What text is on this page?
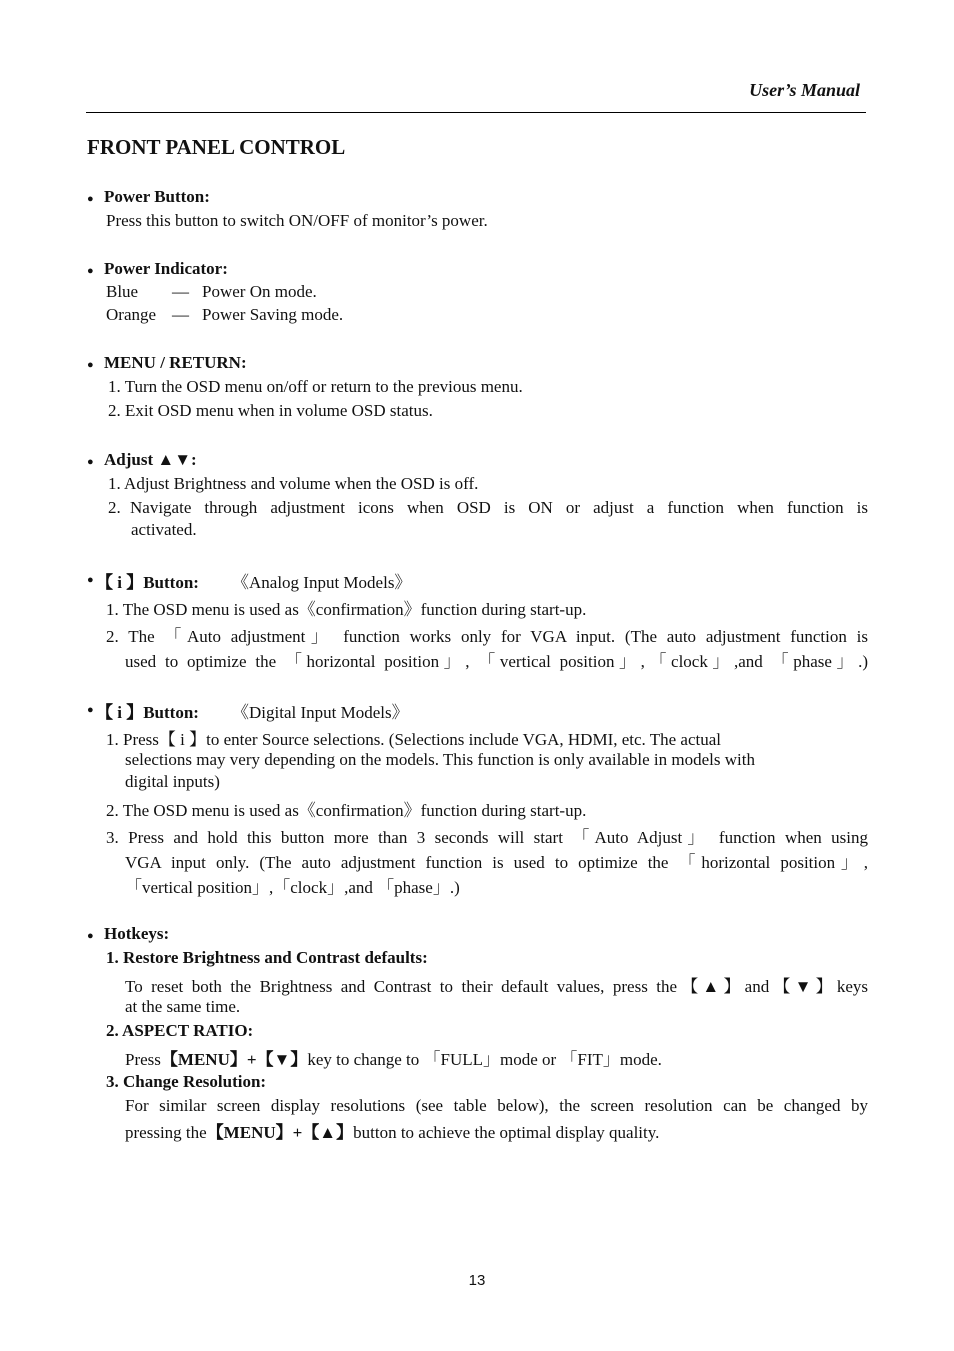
User’s Manual
FRONT PANEL CONTROL
● Power Button:
Press this button to switch ON/OFF of monitor’s power.
● Power Indicator:
Blue — Power On mode.
Orange — Power Saving mode.
● MENU / RETURN:
1. Turn the OSD menu on/off or return to the previous menu.
2. Exit OSD menu when in volume OSD status.
● Adjust ▲▼:
1. Adjust Brightness and volume when the OSD is off.
2. Navigate through adjustment icons when OSD is ON or adjust a function when function is
activated.
● 【 i 】Button: 《Analog Input Models》
1. The OSD menu is used as《confirmation》function during start-up.
2. The 「Auto adjustment」 function works only for VGA input. (The auto adjustment function is
used to optimize the 「horizontal position」, 「vertical position」,「clock」,and 「phase」.)
● 【 i 】Button: 《Digital Input Models》
1. Press【 i 】to enter Source selections. (Selections include VGA, HDMI, etc. The actual
selections may very depending on the models. This function is only available in models with
digital inputs)
2. The OSD menu is used as《confirmation》function during start-up.
3. Press and hold this button more than 3 seconds will start 「Auto Adjust」 function when using
VGA input only. (The auto adjustment function is used to optimize the 「horizontal position」,
「vertical position」,「clock」,and 「phase」.)
● Hotkeys:
1. Restore Brightness and Contrast defaults:
To reset both the Brightness and Contrast to their default values, press the【▲】and【▼】keys
at the same time.
2. ASPECT RATIO:
Press【MENU】+【▼】key to change to 「FULL」mode or 「FIT」mode.
3. Change Resolution:
For similar screen display resolutions (see table below), the screen resolution can be changed by
pressing the【MENU】+【▲】button to achieve the optimal display quality.
13
